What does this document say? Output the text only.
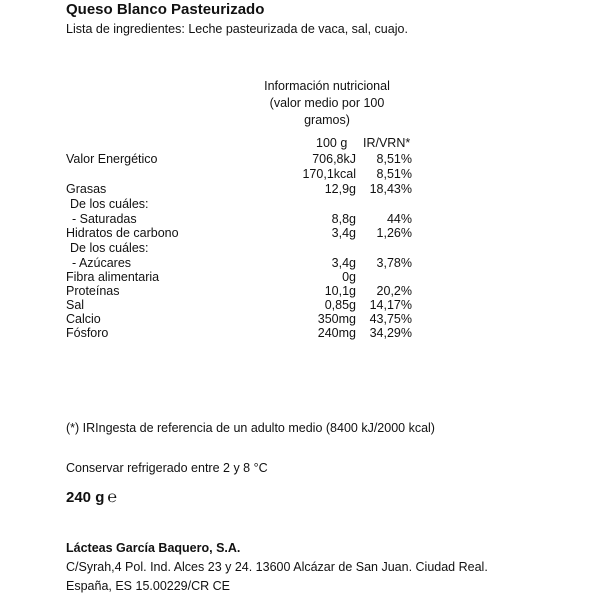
Queso Blanco Pasteurizado
Lista de ingredientes: Leche pasteurizada de vaca, sal, cuajo.
Información nutricional (valor medio por 100 gramos)
100 g IR/VRN*
Valor Energético	706,8kJ 8,51%
170,1kcal 8,51%
Grasas	12,9g 18,43%
De los cuáles:
- Saturadas	8,8g 44%
Hidratos de carbono	3,4g 1,26%
De los cuáles:
- Azúcares	3,4g 3,78%
Fibra alimentaria	0g
Proteínas	10,1g 20,2%
Sal	0,85g 14,17%
Calcio	350mg 43,75%
Fósforo	240mg 34,29%
(*) IRIngesta de referencia de un adulto medio (8400 kJ/2000 kcal)
Conservar refrigerado entre 2 y 8 °C
240 g ℮
Lácteas García Baquero, S.A.
C/Syrah,4 Pol. Ind. Alces 23 y 24. 13600 Alcázar de San Juan. Ciudad Real.
España, ES 15.00229/CR CE
